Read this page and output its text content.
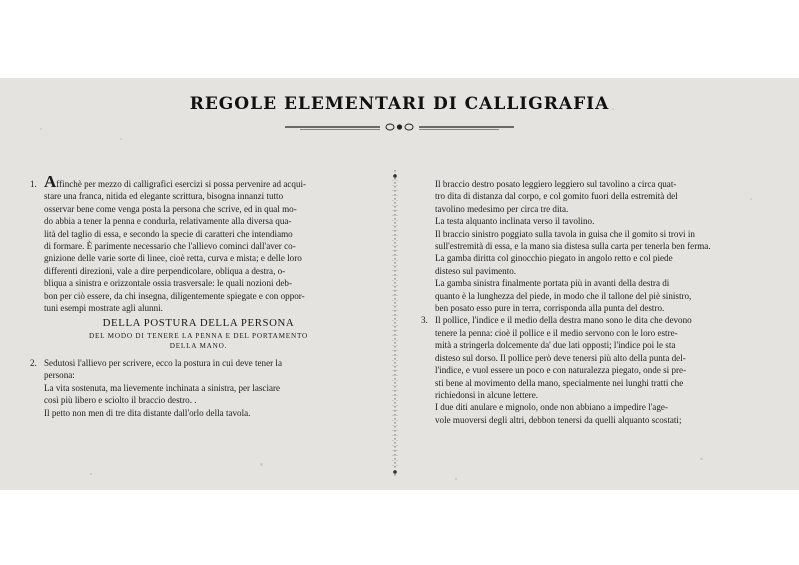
REGOLE ELEMENTARI DI CALLIGRAFIA

1. Affinchè per mezzo di calligrafici esercizi si possa pervenire ad acqui-
stare una franca, nitida ed elegante scrittura, bisogna innanzi tutto
osservar bene come venga posta la persona che scrive, ed in qual mo-
do abbia a tener la penna e condurla, relativamente alla diversa qua-
lità del taglio di essa, e secondo la specie di caratteri che intendiamo
di formare. È parimente necessario che l'allievo cominci dall'aver co-
gnizione delle varie sorte di linee, cioè retta, curva e mista; e delle loro
differenti direzioni, vale a dire perpendicolare, obliqua a destra, o-
bliqua a sinistra e orizzontale ossia trasversale: le quali nozioni deb-
bon per ciò essere, da chi insegna, diligentemente spiegate e con oppor-
tuni esempi mostrate agli alunni.

DELLA POSTURA DELLA PERSONA

DEL MODO DI TENERE LA PENNA E DEL PORTAMENTO

DELLA MANO.

2. Sedutosi l'allievo per scrivere, ecco la postura in cui deve tener la
persona:

La vita sostenuta, ma lievemente inchinata a sinistra, per lasciare
così più libero e sciolto il braccio destro. .

Il petto non men di tre dita distante dall'orlo della tavola.

Il braccio destro posato leggiero leggiero sul tavolino a circa quat-
tro dita di distanza dal corpo, e col gomito fuori della estremità del
tavolino medesimo per circa tre dita.

La testa alquanto inclinata verso il tavolino.

Il braccio sinistro poggiato sulla tavola in guisa che il gomito si trovi in
sull'estremità di essa, e la mano sia distesa sulla carta per tenerla ben ferma.

La gamba diritta col ginocchio piegato in angolo retto e col piede
disteso sul pavimento.

La gamba sinistra finalmente portata più in avanti della destra di
quanto è la lunghezza del piede, in modo che il tallone del piè sinistro,
ben posato esso pure in terra, corrisponda alla punta del destro.

3. Il pollice, l'indice e il medio della destra mano sono le dita che devono
tenere la penna: cioè il pollice e il medio servono con le loro estre-
mità a stringerla dolcemente da' due lati opposti; l'indice poi le sta
disteso sul dorso. Il pollice però deve tenersi più alto della punta del-
l'indice, e vuol essere un poco e con naturalezza piegato, onde si pre-
sti bene al movimento della mano, specialmente nei lunghi tratti che
richiedonsi in alcune lettere.

I due diti anulare e mignolo, onde non abbiano a impedire l'age-
vole muoversi degli altri, debbon tenersi da quelli alquanto scostati;
